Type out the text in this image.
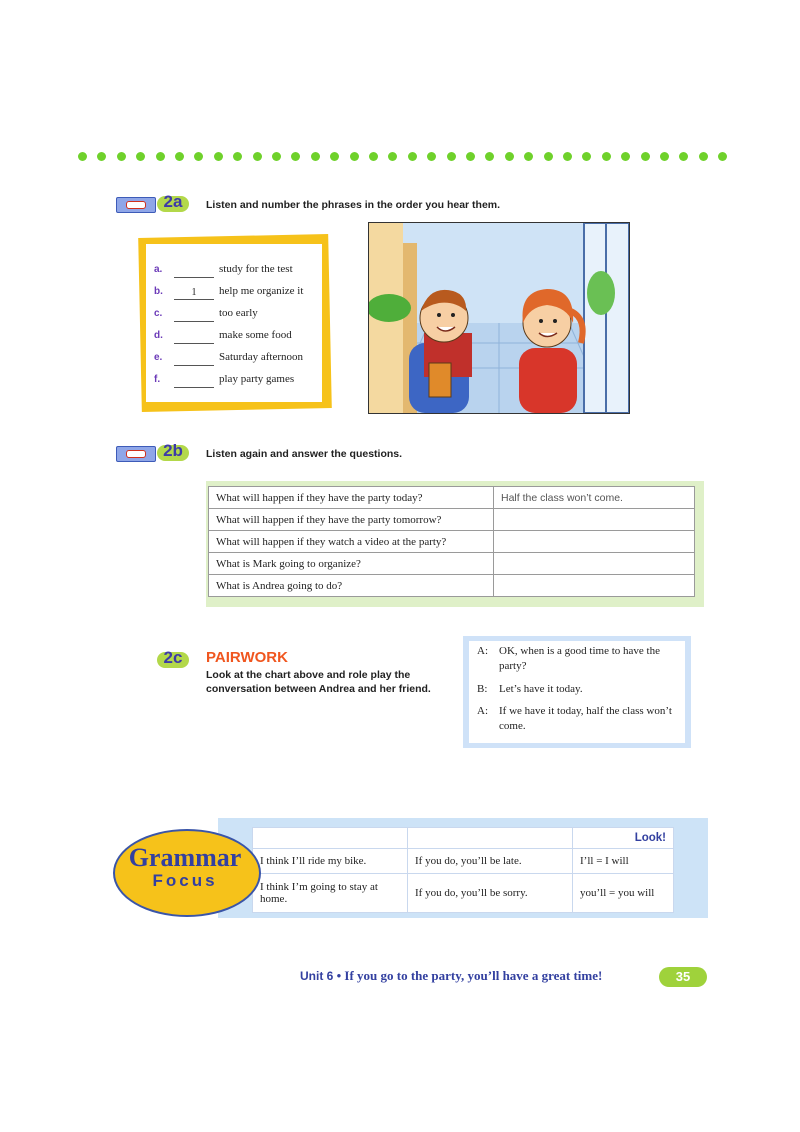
2a	Listen and number the phrases in the order you hear them.
a.	study for the test
b.	1 help me organize it
c.	too early
d.	make some food
e.	Saturday afternoon
f.	play party games
2b	Listen again and answer the questions.
What will happen if they have the party today?	Half the class won’t come.
What will happen if they have the party tomorrow?	
What will happen if they watch a video at the party?	
What is Mark going to organize?	
What is Andrea going to do?	
2c	PAIRWORK
Look at the chart above and role play the conversation between Andrea and her friend.
A: OK, when is a good time to have the party?
B: Let’s have it today.
A: If we have it today, half the class won’t come.
		Look!
I think I’ll ride my bike.	If you do, you’ll be late.	I’ll = I will
I think I’m going to stay at home.	If you do, you’ll be sorry.	you’ll = you will
Grammar
Focus
Unit 6 • If you go to the party, you’ll have a great time!	35
